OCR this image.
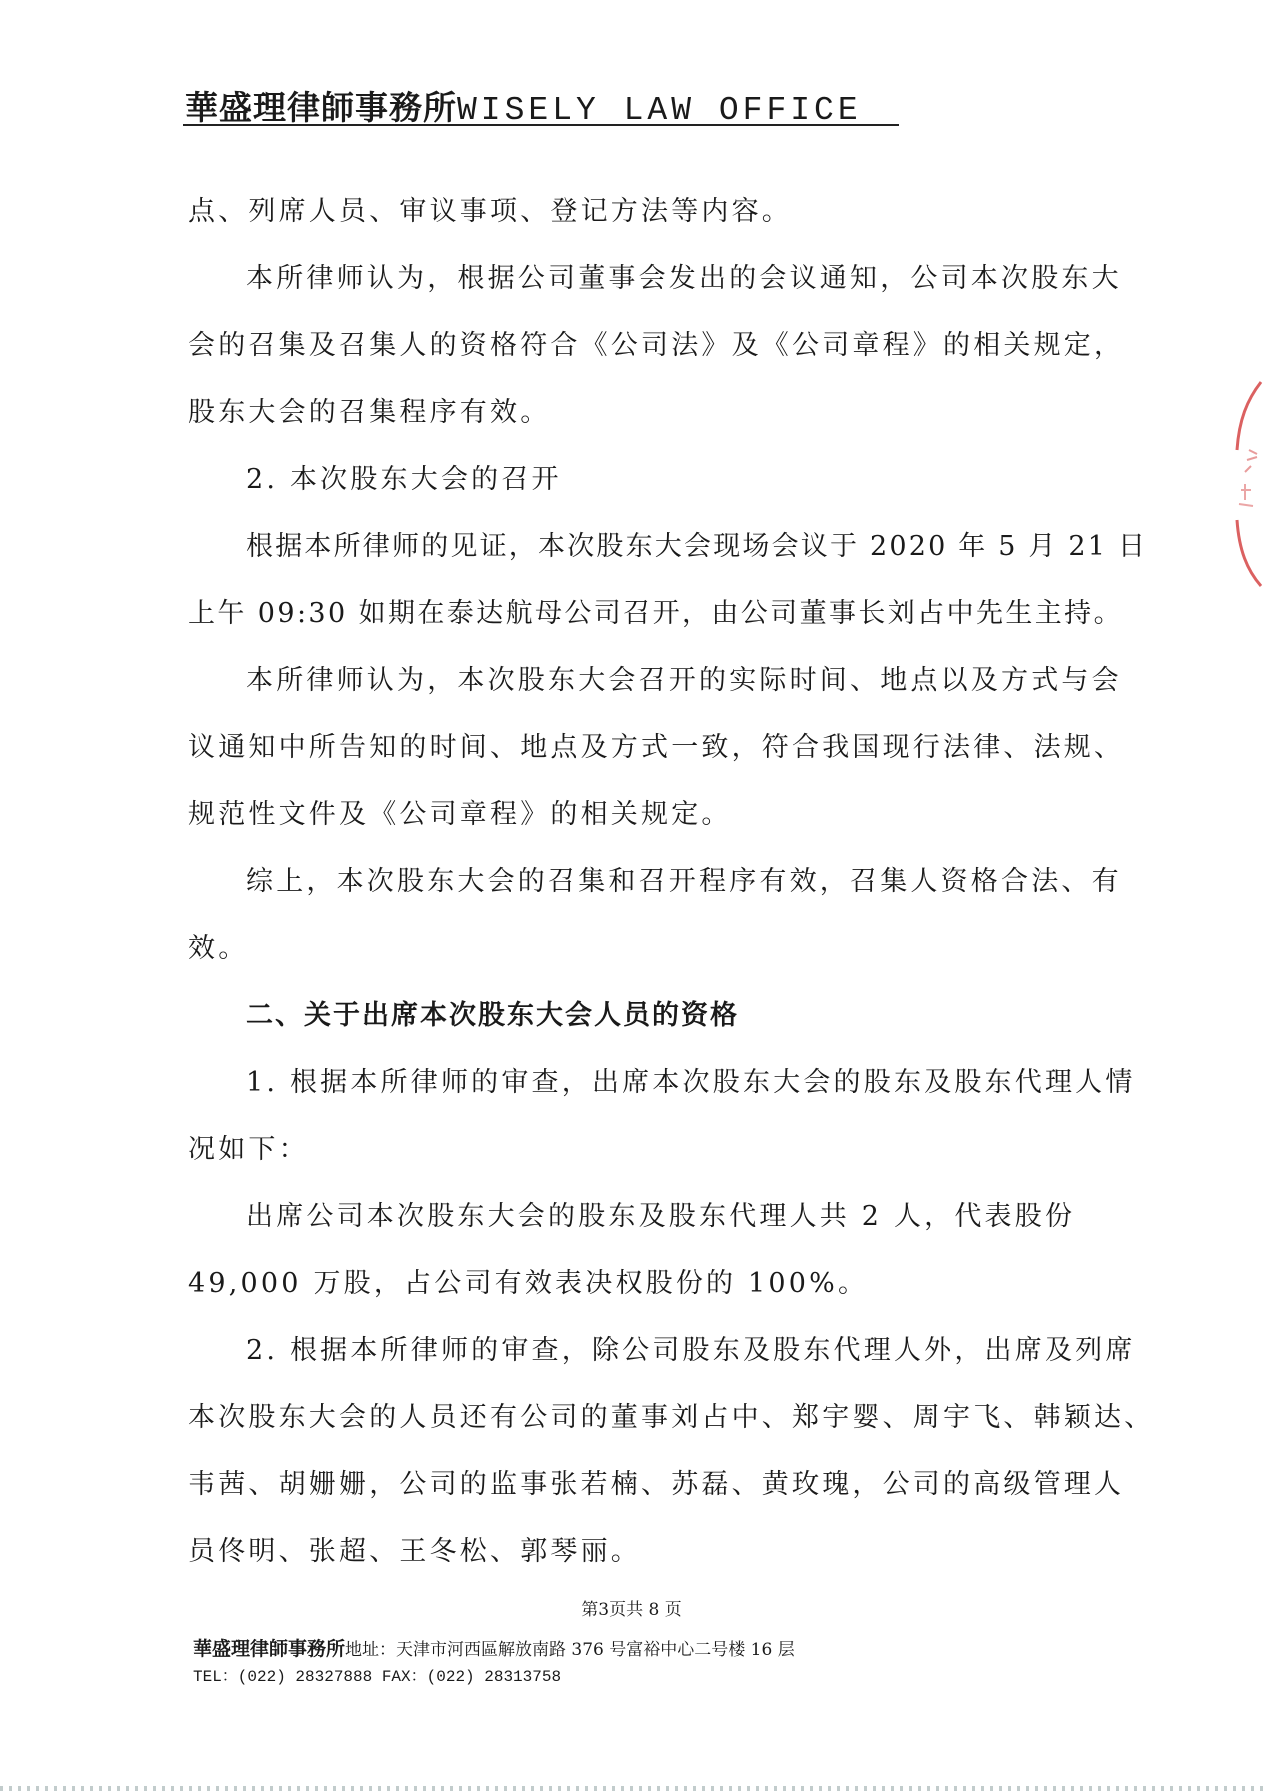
華盛理律師事務所WISELY LAW OFFICE
点、列席人员、审议事项、登记方法等内容。
本所律师认为，根据公司董事会发出的会议通知，公司本次股东大
会的召集及召集人的资格符合《公司法》及《公司章程》的相关规定，
股东大会的召集程序有效。
2. 本次股东大会的召开
根据本所律师的见证，本次股东大会现场会议于 2020 年 5 月 21 日
上午 09:30 如期在泰达航母公司召开，由公司董事长刘占中先生主持。
本所律师认为，本次股东大会召开的实际时间、地点以及方式与会
议通知中所告知的时间、地点及方式一致，符合我国现行法律、法规、
规范性文件及《公司章程》的相关规定。
综上，本次股东大会的召集和召开程序有效，召集人资格合法、有
效。
二、关于出席本次股东大会人员的资格
1. 根据本所律师的审查，出席本次股东大会的股东及股东代理人情
况如下：
出席公司本次股东大会的股东及股东代理人共 2 人，代表股份
49,000 万股，占公司有效表决权股份的 100%。
2. 根据本所律师的审查，除公司股东及股东代理人外，出席及列席
本次股东大会的人员还有公司的董事刘占中、郑宇婴、周宇飞、韩颖达、
韦茜、胡姗姗，公司的监事张若楠、苏磊、黄玫瑰，公司的高级管理人
员佟明、张超、王冬松、郭琴丽。
第3页共 8 页
華盛理律師事務所地址：天津市河西區解放南路 376 号富裕中心二号楼 16 层
TEL：(022) 28327888 FAX：(022) 28313758
